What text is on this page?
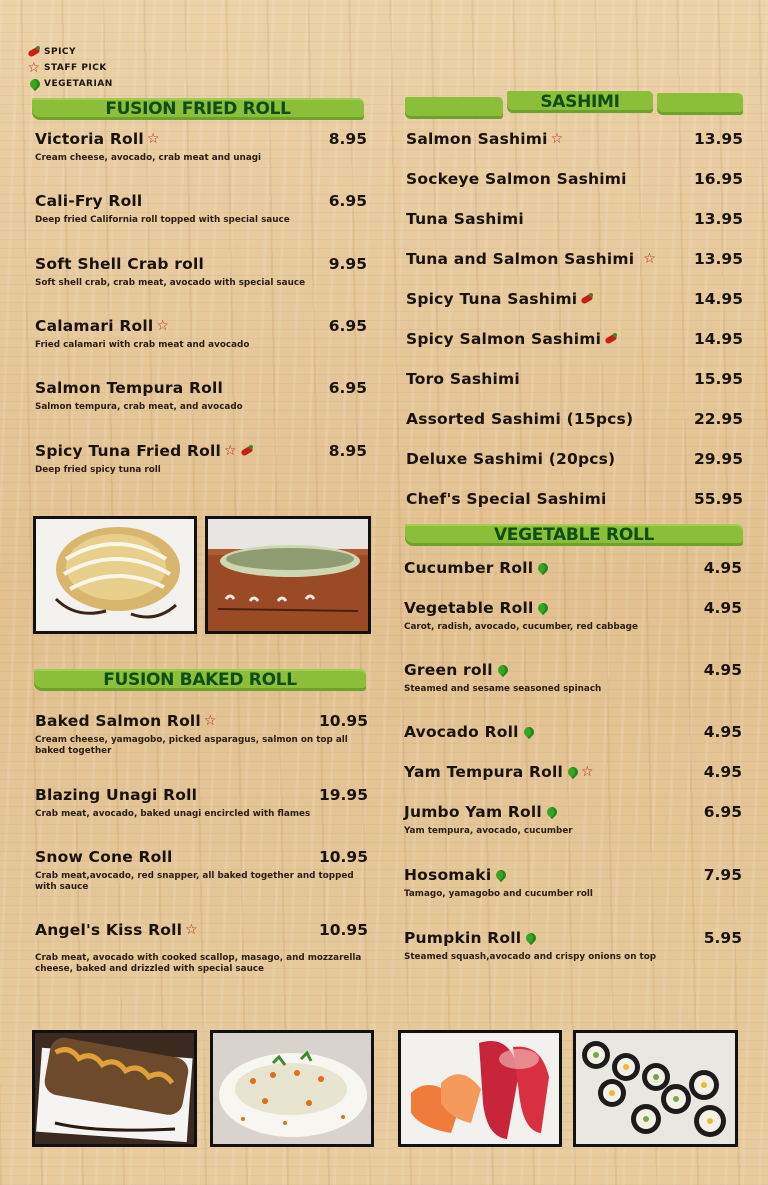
SPICY
☆ STAFF PICK
VEGETARIAN
FUSION FRIED ROLL
Victoria Roll ☆	8.95
Cream cheese, avocado, crab meat and unagi
Cali-Fry Roll	6.95
Deep fried California roll topped with special sauce
Soft Shell Crab roll	9.95
Soft shell crab, crab meat, avocado with special sauce
Calamari Roll ☆	6.95
Fried calamari with crab meat and avocado
Salmon Tempura Roll	6.95
Salmon tempura, crab meat, and avocado
Spicy Tuna Fried Roll ☆	8.95
Deep fried spicy tuna roll
FUSION BAKED ROLL
Baked Salmon Roll ☆	10.95
Cream cheese, yamagobo, picked asparagus, salmon on top all baked together
Blazing Unagi Roll	19.95
Crab meat, avocado, baked unagi encircled with flames
Snow Cone Roll	10.95
Crab meat,avocado, red snapper, all baked together and topped with sauce
Angel's Kiss Roll ☆	10.95
Crab meat, avocado with cooked scallop, masago, and mozzarella cheese, baked and drizzled with special sauce
SASHIMI
Salmon Sashimi ☆	13.95
Sockeye Salmon Sashimi	16.95
Tuna Sashimi	13.95
Tuna and Salmon Sashimi ☆ 13.95
Spicy Tuna Sashimi	14.95
Spicy Salmon Sashimi	14.95
Toro Sashimi	15.95
Assorted Sashimi (15pcs)	22.95
Deluxe Sashimi (20pcs)	29.95
Chef's Special Sashimi	55.95
VEGETABLE ROLL
Cucumber Roll	4.95
Vegetable Roll	4.95
Carot, radish, avocado, cucumber, red cabbage
Green roll	4.95
Steamed and sesame seasoned spinach
Avocado Roll	4.95
Yam Tempura Roll ☆	4.95
Jumbo Yam Roll	6.95
Yam tempura, avocado, cucumber
Hosomaki	7.95
Tamago, yamagobo and cucumber roll
Pumpkin Roll	5.95
Steamed squash,avocado and crispy onions on top
